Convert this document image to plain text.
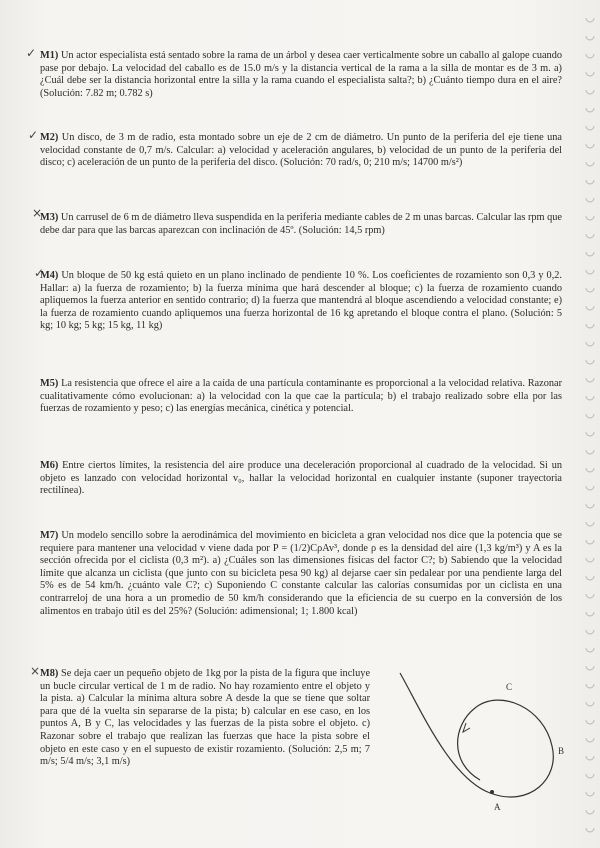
✓ M1) Un actor especialista está sentado sobre la rama de un árbol y desea caer verticalmente sobre un caballo al galope cuando pase por debajo. La velocidad del caballo es de 15.0 m/s y la distancia vertical de la rama a la silla de montar es de 3 m. a) ¿Cuál debe ser la distancia horizontal entre la silla y la rama cuando el especialista salta?; b) ¿Cuánto tiempo dura en el aire? (Solución: 7.82 m; 0.782 s)
✓ M2) Un disco, de 3 m de radio, esta montado sobre un eje de 2 cm de diámetro. Un punto de la periferia del eje tiene una velocidad constante de 0,7 m/s. Calcular: a) velocidad y aceleración angulares, b) velocidad de un punto de la periferia del disco; c) aceleración de un punto de la periferia del disco. (Solución: 70 rad/s, 0; 210 m/s; 14700 m/s²)
×
M3) Un carrusel de 6 m de diámetro lleva suspendida en la periferia mediante cables de 2 m unas barcas. Calcular las rpm que debe dar para que las barcas aparezcan con inclinación de 45º. (Solución: 14,5 rpm)
✓
M4) Un bloque de 50 kg está quieto en un plano inclinado de pendiente 10 %. Los coeficientes de rozamiento son 0,3 y 0,2. Hallar: a) la fuerza de rozamiento; b) la fuerza mínima que hará descender al bloque; c) la fuerza de rozamiento cuando apliquemos la fuerza anterior en sentido contrario; d) la fuerza que mantendrá al bloque ascendiendo a velocidad constante; e) la fuerza de rozamiento cuando apliquemos una fuerza horizontal de 16 kg apretando el bloque contra el plano. (Solución: 5 kg; 10 kg; 5 kg; 15 kg, 11 kg)
M5) La resistencia que ofrece el aire a la caída de una partícula contaminante es proporcional a la velocidad relativa. Razonar cualitativamente cómo evolucionan: a) la velocidad con la que cae la partícula; b) el trabajo realizado sobre ella por las fuerzas de rozamiento y peso; c) las energías mecánica, cinética y potencial.
M6) Entre ciertos límites, la resistencia del aire produce una deceleración proporcional al cuadrado de la velocidad. Si un objeto es lanzado con velocidad horizontal v₀, hallar la velocidad horizontal en cualquier instante (suponer trayectoria rectilínea).
M7) Un modelo sencillo sobre la aerodinámica del movimiento en bicicleta a gran velocidad nos dice que la potencia que se requiere para mantener una velocidad v viene dada por P = (1/2)CρAv³, donde ρ es la densidad del aire (1,3 kg/m³) y A es la sección ofrecida por el ciclista (0,3 m²). a) ¿Cuáles son las dimensiones físicas del factor C?; b) Sabiendo que la velocidad límite que alcanza un ciclista (que junto con su bicicleta pesa 90 kg) al dejarse caer sin pedalear por una pendiente larga del 5% es de 54 km/h. ¿cuánto vale C?; c) Suponiendo C constante calcular las calorías consumidas por un ciclista en una contrarreloj de una hora a un promedio de 50 km/h considerando que la eficiencia de su cuerpo en la conversión de los alimentos en trabajo útil es del 25%? (Solución: adimensional; 1; 1.800 kcal)
× M8) Se deja caer un pequeño objeto de 1kg por la pista de la figura que incluye un bucle circular vertical de 1 m de radio. No hay rozamiento entre el objeto y la pista. a) Calcular la mínima altura sobre A desde la que se tiene que soltar para que dé la vuelta sin separarse de la pista; b) calcular en ese caso, en los puntos A, B y C, las velocidades y las fuerzas de la pista sobre el objeto. c) Razonar sobre el trabajo que realizan las fuerzas que hace la pista sobre el objeto en este caso y en el supuesto de existir rozamiento. (Solución: 2,5 m; 7 m/s; 5/4 m/s; 3,1 m/s)
C
B
A
